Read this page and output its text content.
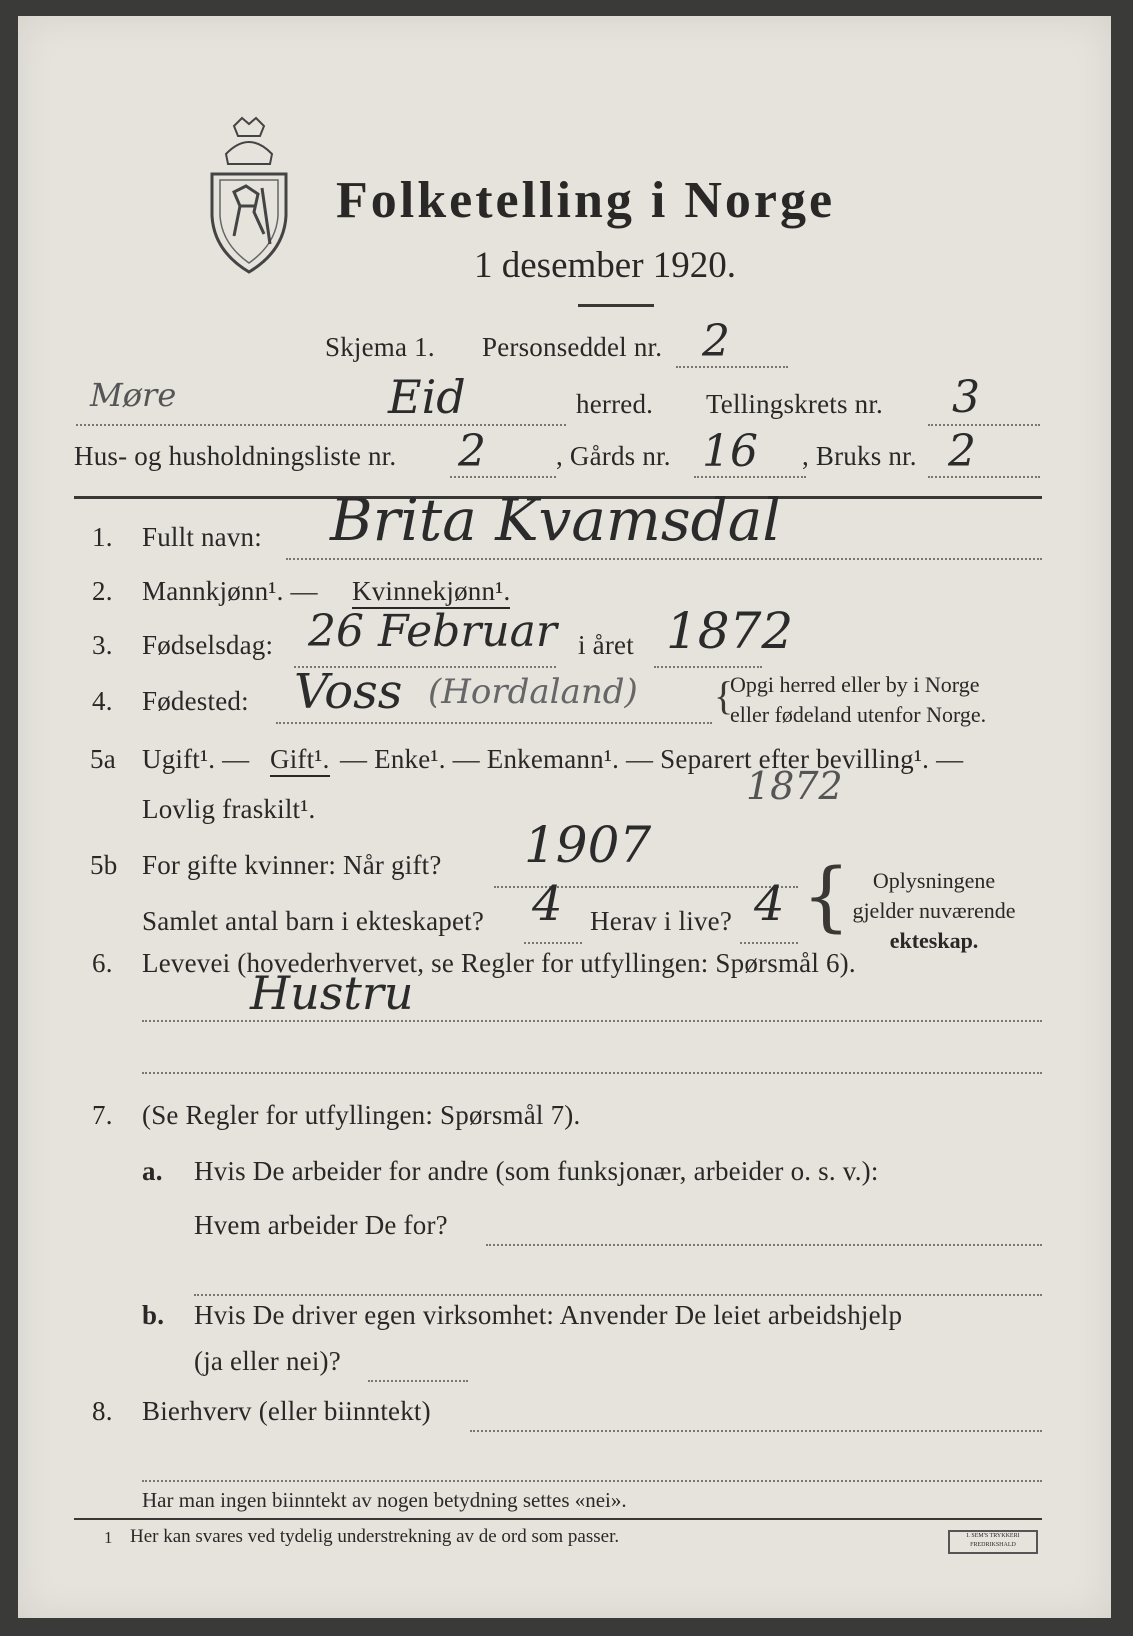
Folketelling i Norge
1 desember 1920.
Skjema 1. Personseddel nr. 2
Møre	Eid	herred. Tellingskrets nr. 3
Hus- og husholdningsliste nr. 2	, Gårds nr. 16 , Bruks nr. 2
1. Fullt navn: Brita Kvamsdal
2. Mannkjønn¹. — Kvinnekjønn¹.
3. Fødselsdag: 26 Februar i året 1872
4. Fødested: Voss (Hordaland) {
Opgi herred eller by i Norge
eller fødeland utenfor Norge.
5a Ugift¹. — Gift¹. — Enke¹. — Enkemann¹. — Separert efter bevilling¹. —
Lovlig fraskilt¹.
1872
5b For gifte kvinner: Når gift? 1907
Samlet antal barn i ekteskapet? 4 Herav i live? 4 {	Oplysningene
gjelder nuværende
ekteskap.
6. Levevei (hovederhvervet, se Regler for utfyllingen: Spørsmål 6).
Hustru
7. (Se Regler for utfyllingen: Spørsmål 7).
a. Hvis De arbeider for andre (som funksjonær, arbeider o. s. v.):
Hvem arbeider De for?
b. Hvis De driver egen virksomhet: Anvender De leiet arbeidshjelp
(ja eller nei)?
8. Bierhverv (eller biinntekt)
Har man ingen biinntekt av nogen betydning settes «nei».
1 Her kan svares ved tydelig understrekning av de ord som passer.	I. SEM'S TRYKKERI FREDRIKSHALD
